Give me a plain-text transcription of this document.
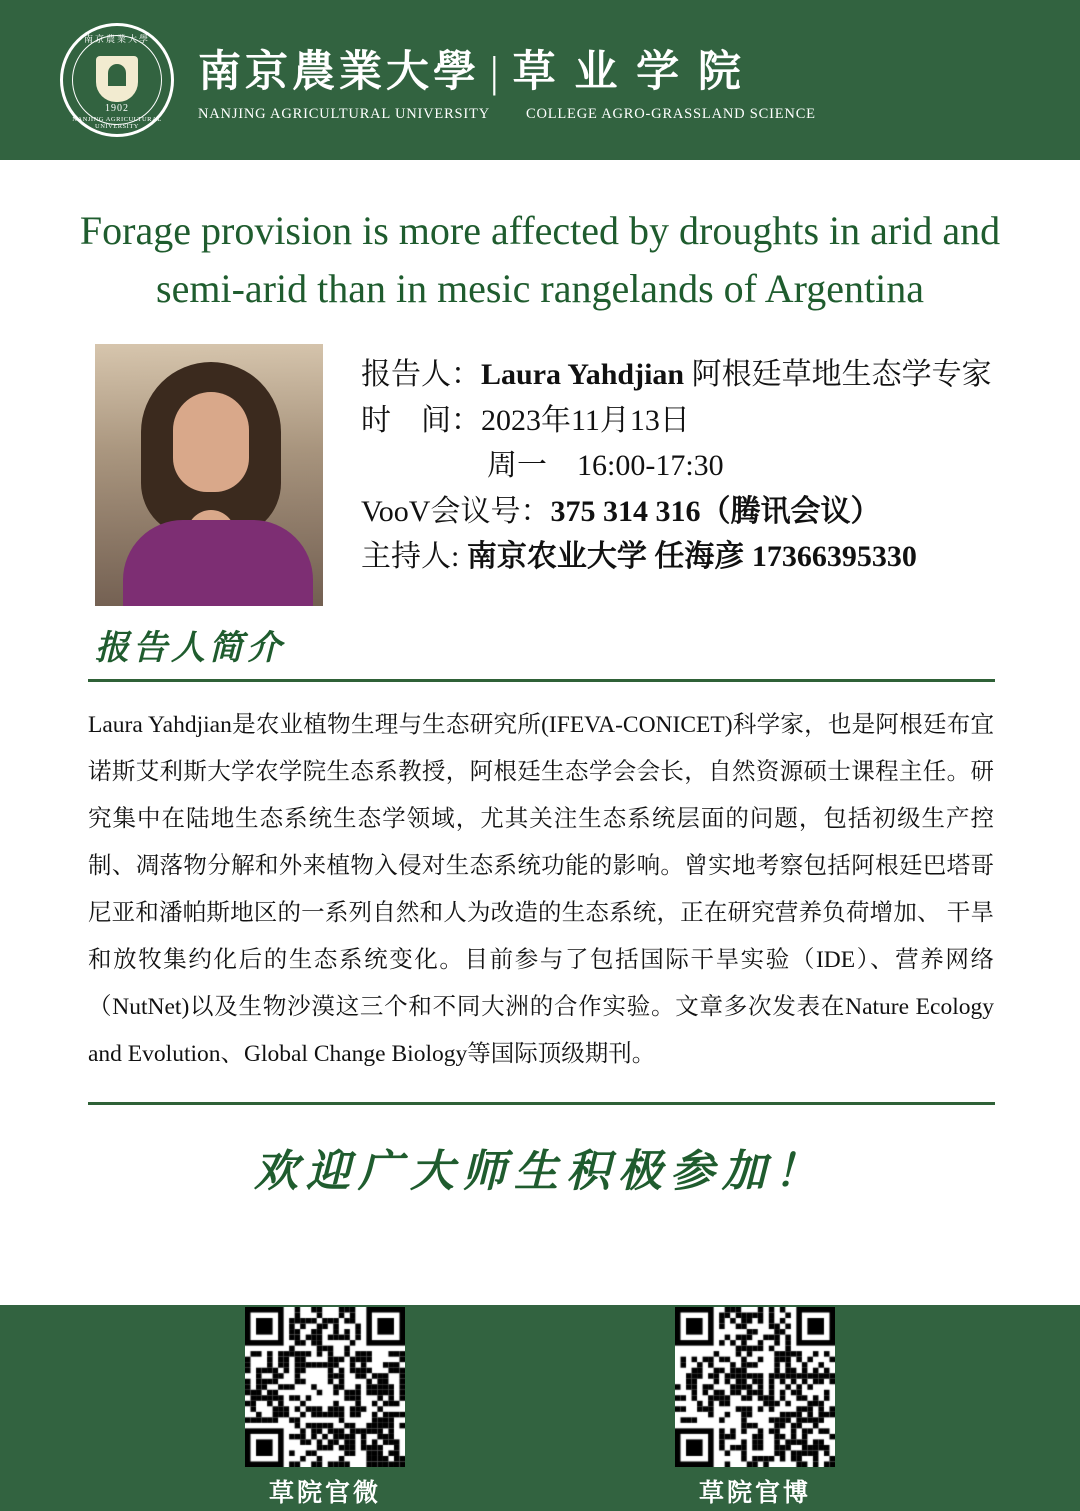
南京農業大學
1902
NANJING AGRICULTURAL UNIVERSITY
南京農業大學 | 草 业 学 院
NANJING AGRICULTURAL UNIVERSITY COLLEGE AGRO-GRASSLAND SCIENCE
Forage provision is more affected by droughts in arid and semi-arid than in mesic rangelands of Argentina
报告人：Laura Yahdjian 阿根廷草地生态学专家
时　间：2023年11月13日
周一　16:00-17:30
VooV会议号：375 314 316（腾讯会议）
主持人: 南京农业大学 任海彦 17366395330
报告人简介
Laura Yahdjian是农业植物生理与生态研究所(IFEVA-CONICET)科学家，也是阿根廷布宜诺斯艾利斯大学农学院生态系教授，阿根廷生态学会会长，自然资源硕士课程主任。研究集中在陆地生态系统生态学领域，尤其关注生态系统层面的问题，包括初级生产控制、凋落物分解和外来植物入侵对生态系统功能的影响。曾实地考察包括阿根廷巴塔哥尼亚和潘帕斯地区的一系列自然和人为改造的生态系统，正在研究营养负荷增加、 干旱和放牧集约化后的生态系统变化。目前参与了包括国际干旱实验（IDE）、营养网络（NutNet)以及生物沙漠这三个和不同大洲的合作实验。文章多次发表在Nature Ecology and Evolution、Global Change Biology等国际顶级期刊。
欢迎广大师生积极参加！
草院官微	草院官博
